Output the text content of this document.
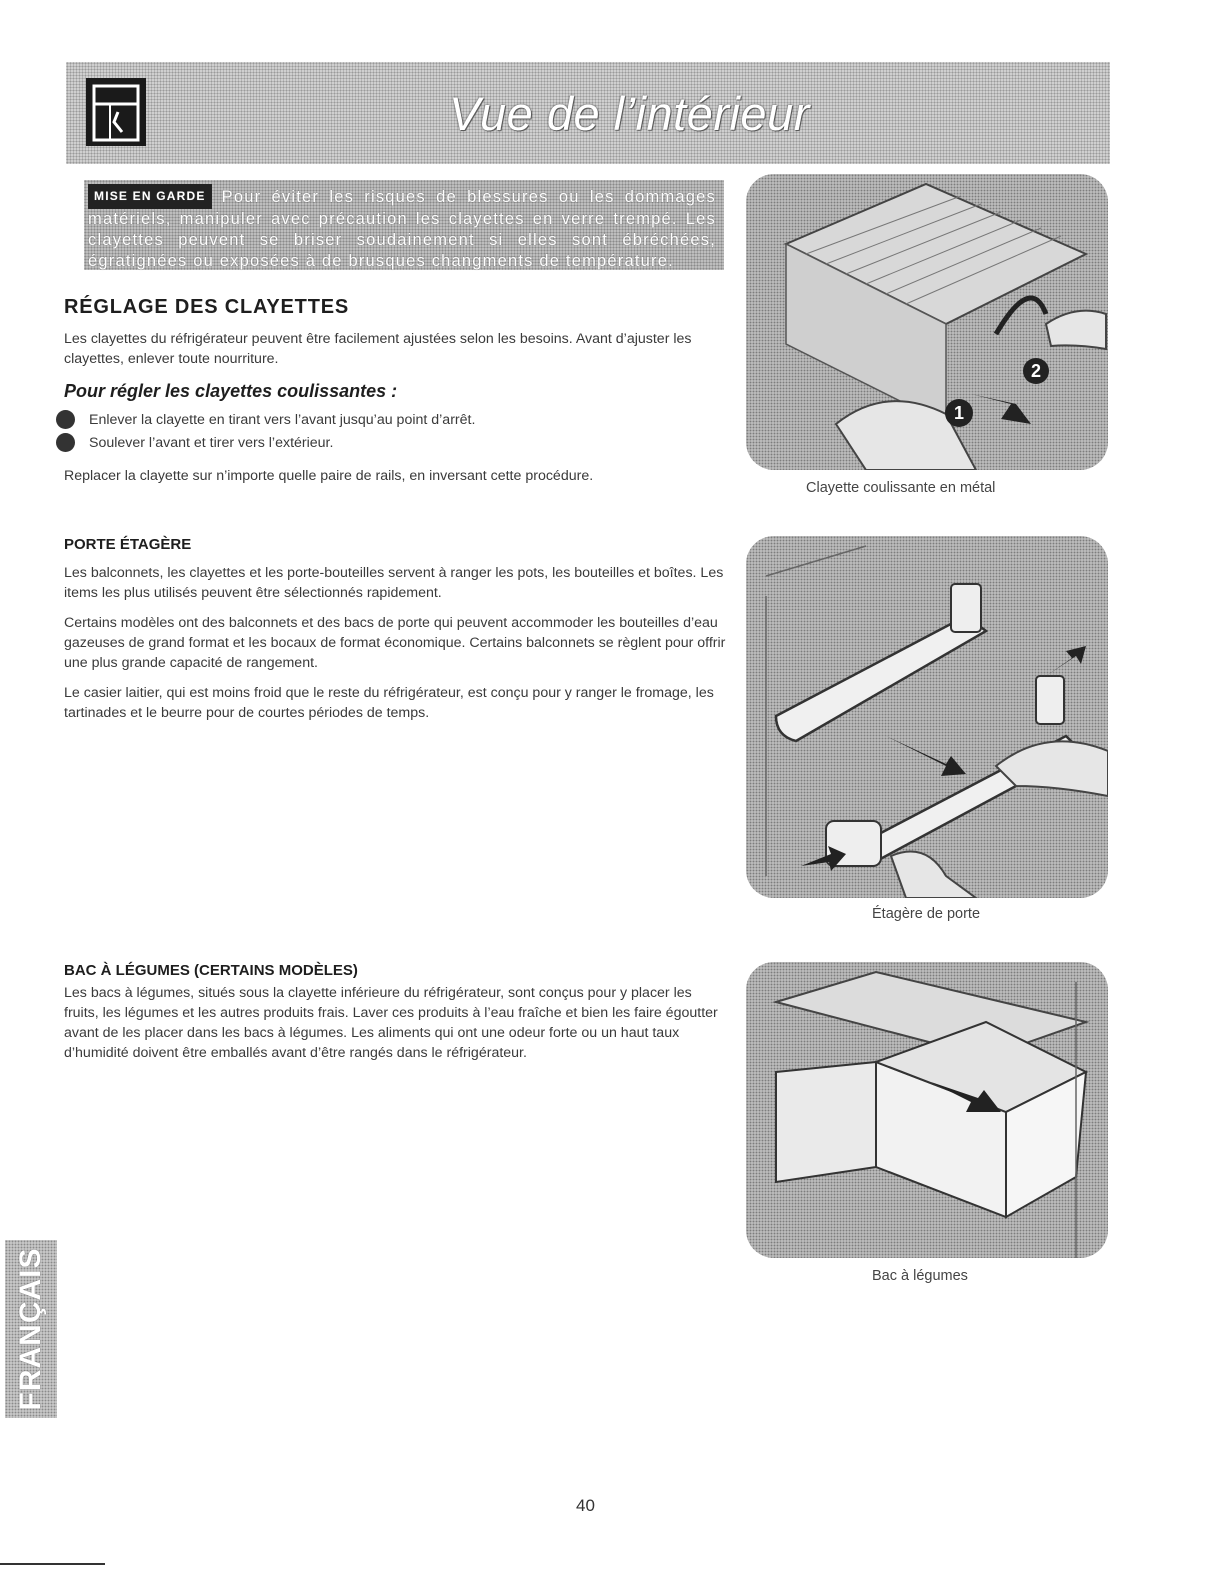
Vue de l’intérieur
MISE EN GARDE Pour éviter les risques de blessures ou les dommages matériels, manipuler avec précaution les clayettes en verre trempé. Les clayettes peuvent se briser soudainement si elles sont ébréchées, égratignées ou exposées à de brusques changments de température.
RÉGLAGE DES CLAYETTES

Les clayettes du réfrigérateur peuvent être facilement ajustées selon les besoins. Avant d’ajuster les clayettes, enlever toute nourriture.

Pour régler les clayettes coulissantes :

Enlever la clayette en tirant vers l’avant jusqu’au point d’arrêt.
Soulever l’avant et tirer vers l’extérieur.

Replacer la clayette sur n’importe quelle paire de rails, en inversant cette procédure.

PORTE ÉTAGÈRE

Les balconnets, les clayettes et les porte-bouteilles servent à ranger les pots, les bouteilles et boîtes. Les items les plus utilisés peuvent être sélectionnés rapidement.

Certains modèles ont des balconnets et des bacs de porte qui peuvent accommoder les bouteilles d’eau gazeuses de grand format et les bocaux de format économique. Certains balconnets se règlent pour offrir une plus grande capacité de rangement.

Le casier laitier, qui est moins froid que le reste du réfrigérateur, est conçu pour y ranger le fromage, les tartinades et le beurre pour de courtes périodes de temps.

BAC À LÉGUMES (CERTAINS MODÈLES)

Les bacs à légumes, situés sous la clayette inférieure du réfrigérateur, sont conçus pour y placer les fruits, les légumes et les autres produits frais. Laver ces produits à l’eau fraîche et bien les faire égoutter avant de les placer dans les bacs à légumes. Les aliments qui ont une odeur forte ou un haut taux d’humidité doivent être emballés avant d’être rangés dans le réfrigérateur.

1
2
Clayette coulissante en métal
Étagère de porte
Bac à légumes
FRANÇAIS
40
